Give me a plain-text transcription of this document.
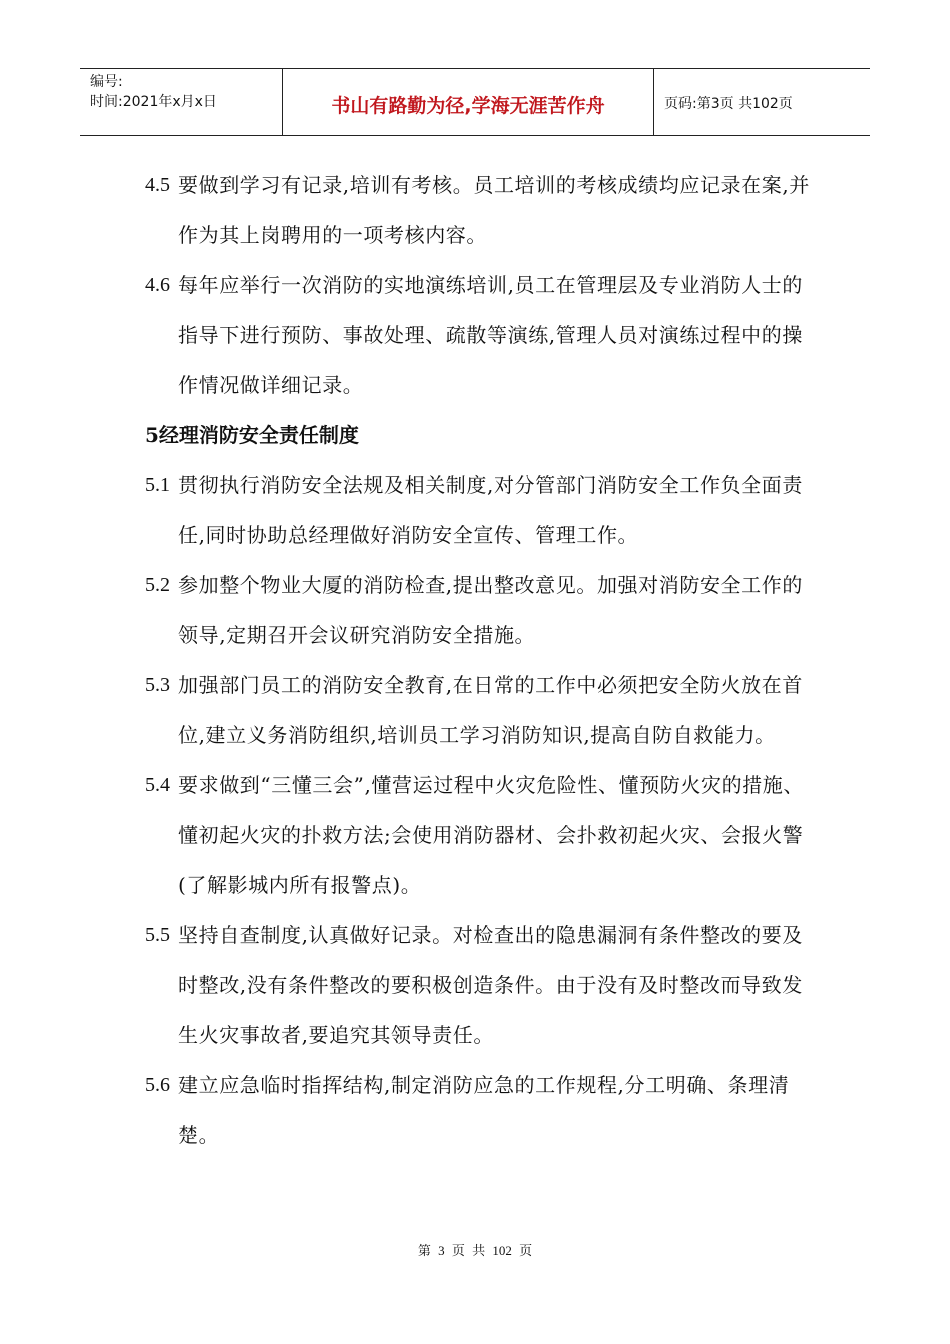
编号:
时间:2021年x月x日	书山有路勤为径,学海无涯苦作舟	页码:第3页 共102页
4.5 要做到学习有记录,培训有考核。员工培训的考核成绩均应记录在案,并作为其上岗聘用的一项考核内容。
4.6 每年应举行一次消防的实地演练培训,员工在管理层及专业消防人士的指导下进行预防、事故处理、疏散等演练,管理人员对演练过程中的操作情况做详细记录。
5经理消防安全责任制度
5.1 贯彻执行消防安全法规及相关制度,对分管部门消防安全工作负全面责任,同时协助总经理做好消防安全宣传、管理工作。
5.2 参加整个物业大厦的消防检查,提出整改意见。加强对消防安全工作的领导,定期召开会议研究消防安全措施。
5.3 加强部门员工的消防安全教育,在日常的工作中必须把安全防火放在首位,建立义务消防组织,培训员工学习消防知识,提高自防自救能力。
5.4 要求做到“三懂三会”,懂营运过程中火灾危险性、懂预防火灾的措施、懂初起火灾的扑救方法;会使用消防器材、会扑救初起火灾、会报火警(了解影城内所有报警点)。
5.5 坚持自查制度,认真做好记录。对检查出的隐患漏洞有条件整改的要及时整改,没有条件整改的要积极创造条件。由于没有及时整改而导致发生火灾事故者,要追究其领导责任。
5.6 建立应急临时指挥结构,制定消防应急的工作规程,分工明确、条理清楚。
第 3 页 共 102 页
